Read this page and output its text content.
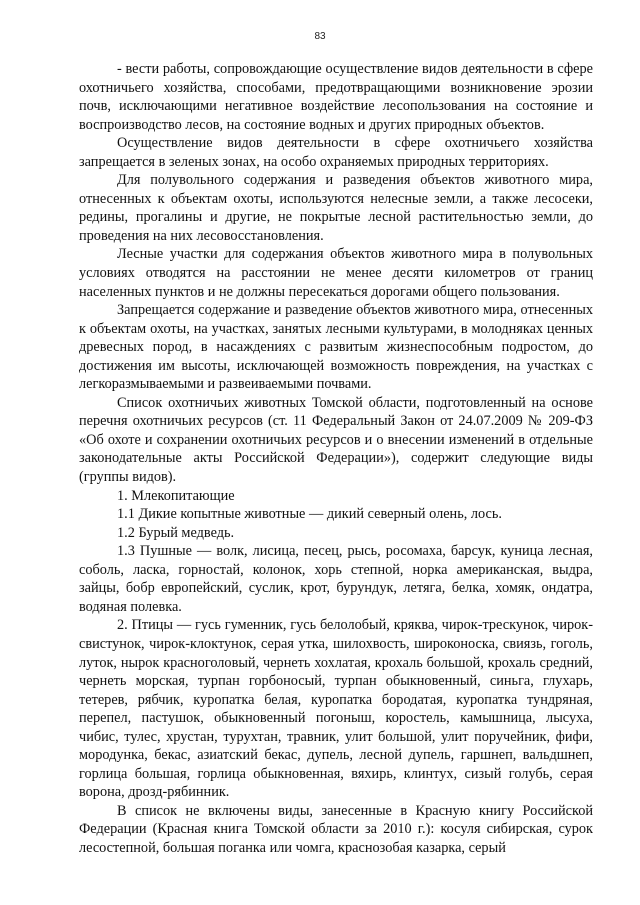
83

- вести работы, сопровождающие осуществление видов деятельности в сфере охотничьего хозяйства, способами, предотвращающими возникновение эрозии почв, исключающими негативное воздействие лесопользования на состояние и воспроизводство лесов, на состояние водных и других природных объектов.

Осуществление видов деятельности в сфере охотничьего хозяйства запрещается в зеленых зонах, на особо охраняемых природных территориях.

Для полувольного содержания и разведения объектов животного мира, отнесенных к объектам охоты, используются нелесные земли, а также лесосеки, редины, прогалины и другие, не покрытые лесной растительностью земли, до проведения на них лесовосстановления.

Лесные участки для содержания объектов животного мира в полувольных условиях отводятся на расстоянии не менее десяти километров от границ населенных пунктов и не должны пересекаться дорогами общего пользования.

Запрещается содержание и разведение объектов животного мира, отнесенных к объектам охоты, на участках, занятых лесными культурами, в молодняках ценных древесных пород, в насаждениях с развитым жизнеспособным подростом, до достижения им высоты, исключающей возможность повреждения, на участках с легкоразмываемыми и развеиваемыми почвами.

Список охотничьих животных Томской области, подготовленный на основе перечня охотничьих ресурсов (ст. 11 Федеральный Закон от 24.07.2009 № 209-ФЗ «Об охоте и сохранении охотничьих ресурсов и о внесении изменений в отдельные законодательные акты Российской Федерации»), содержит следующие виды (группы видов).

1. Млекопитающие

1.1 Дикие копытные животные — дикий северный олень, лось.

1.2 Бурый медведь.

1.3 Пушные — волк, лисица, песец, рысь, росомаха, барсук, куница лесная, соболь, ласка, горностай, колонок, хорь степной, норка американская, выдра, зайцы, бобр европейский, суслик, крот, бурундук, летяга, белка, хомяк, ондатра, водяная полевка.

2. Птицы — гусь гуменник, гусь белолобый, кряква, чирок-трескунок, чирок-свистунок, чирок-клоктунок, серая утка, шилохвость, широконоска, свиязь, гоголь, луток, нырок красноголовый, чернеть хохлатая, крохаль большой, крохаль средний, чернеть морская, турпан горбоносый, турпан обыкновенный, синьга, глухарь, тетерев, рябчик, куропатка белая, куропатка бородатая, куропатка тундряная, перепел, пастушок, обыкновенный погоныш, коростель, камышница, лысуха, чибис, тулес, хрустан, турухтан, травник, улит большой, улит поручейник, фифи, мородунка, бекас, азиатский бекас, дупель, лесной дупель, гаршнеп, вальдшнеп, горлица большая, горлица обыкновенная, вяхирь, клинтух, сизый голубь, серая ворона, дрозд-рябинник.

В список не включены виды, занесенные в Красную книгу Российской Федерации (Красная книга Томской области за 2010 г.): косуля сибирская, сурок лесостепной, большая поганка или чомга, краснозобая казарка, серый
